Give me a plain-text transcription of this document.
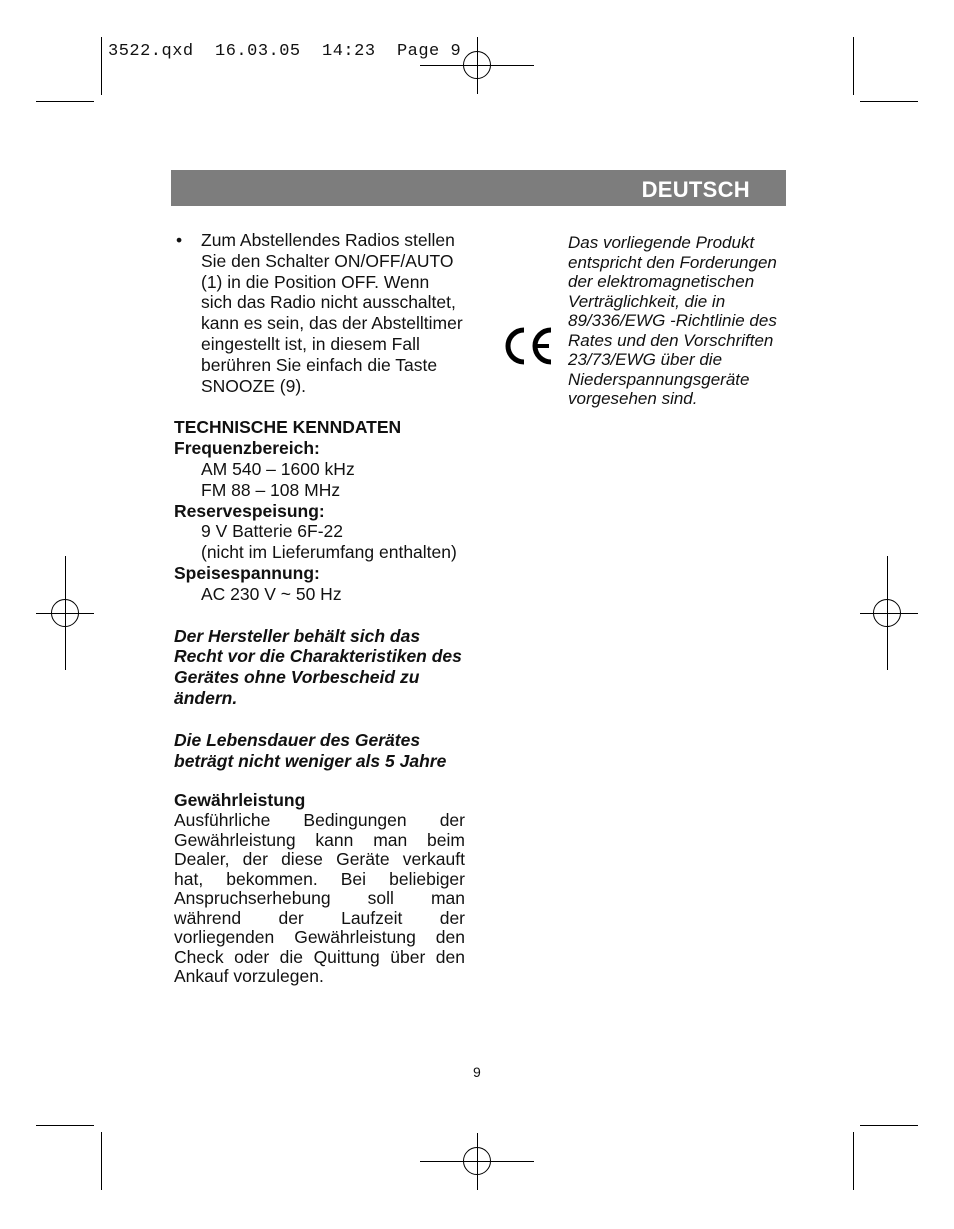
3522.qxd  16.03.05  14:23  Page 9
DEUTSCH
• Zum Abstellendes Radios stellen Sie den Schalter ON/OFF/AUTO (1) in die Position OFF. Wenn sich das Radio nicht ausschaltet, kann es sein, das der Abstelltimer eingestellt ist, in diesem Fall berühren Sie einfach die Taste SNOOZE (9).

TECHNISCHE KENNDATEN

Frequenzbereich:

AM 540 – 1600 kHz

FM 88 – 108 MHz

Reservespeisung:

9 V Batterie 6F-22

(nicht im Lieferumfang enthalten)

Speisespannung:

AC 230 V ~ 50 Hz

Der Hersteller behält sich das Recht vor die Charakteristiken des Gerätes ohne Vorbescheid zu ändern.

Die Lebensdauer des Gerätes beträgt nicht weniger als 5 Jahre

Gewährleistung

Ausführliche Bedingungen der Gewährleistung kann man beim Dealer, der diese Geräte verkauft hat, bekommen. Bei beliebiger Anspruchserhebung soll man während der Laufzeit der vorliegenden Gewährleistung den Check oder die Quittung über den Ankauf vorzulegen.

Das vorliegende Produkt entspricht den Forderungen der elektromagnetischen Verträglichkeit, die in 89/336/EWG -Richtlinie des Rates und den Vorschriften 23/73/EWG über die Niederspannungsgeräte vorgesehen sind.

9
